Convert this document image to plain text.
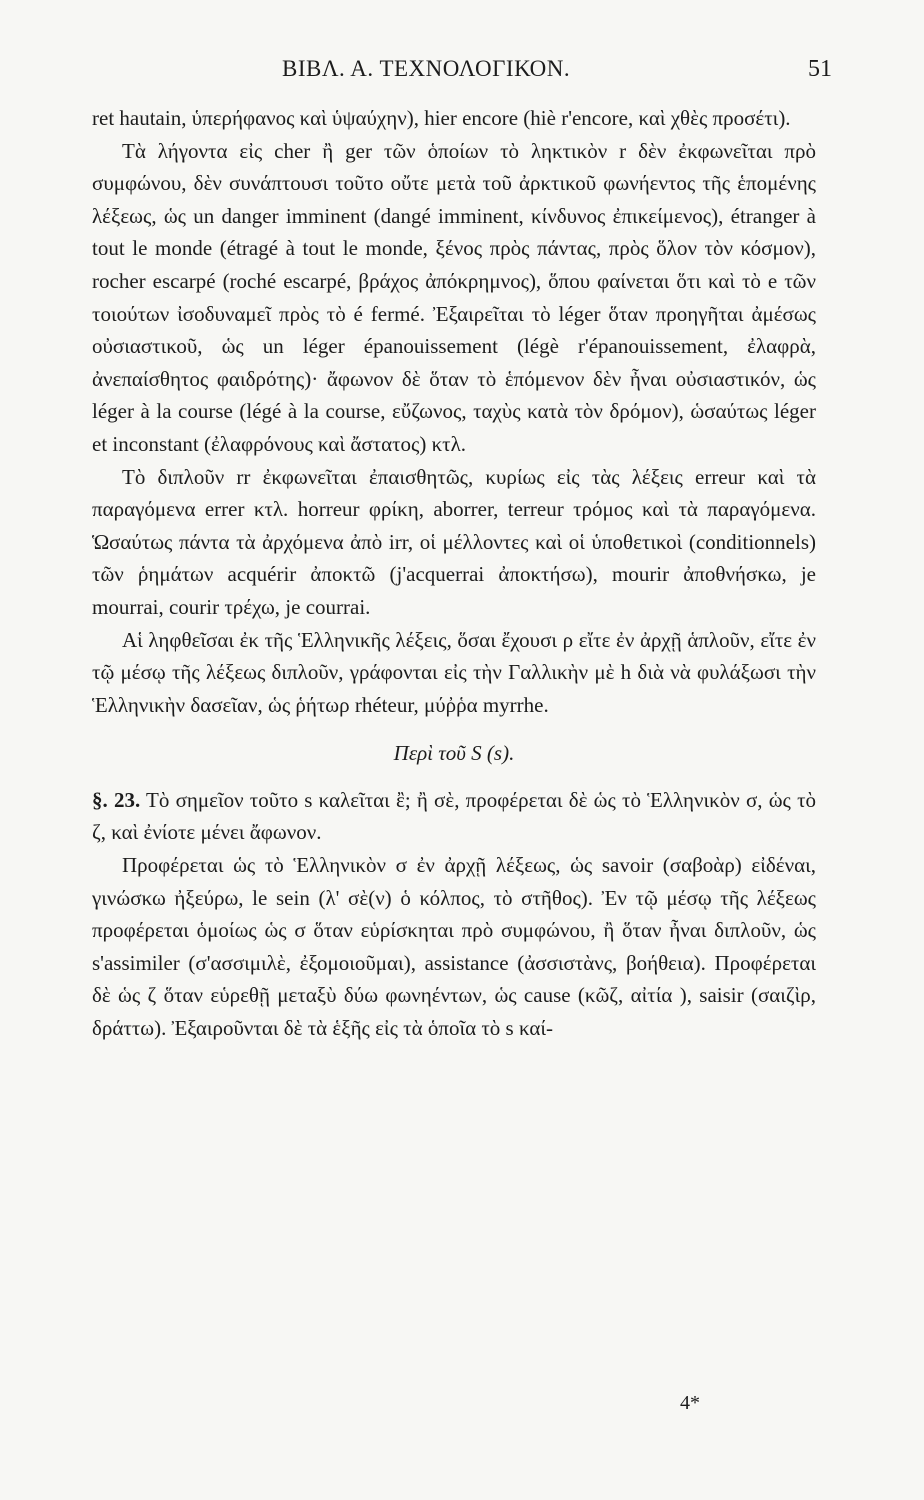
ΒΙΒΛ. Α. ΤΕΧΝΟΛΟΓΙΚΟΝ.	51

ret hautain, ὑπερήφανος καὶ ὑψαύχην), hier encore (hiè r'encore, καὶ χθὲς προσέτι).

Τὰ λήγοντα εἰς cher ἢ ger τῶν ὁποίων τὸ ληκτικὸν r δὲν ἐκφωνεῖται πρὸ συμφώνου, δὲν συνάπτουσι τοῦτο οὔτε μετὰ τοῦ ἀρκτικοῦ φωνήεντος τῆς ἑπομένης λέξεως, ὡς un danger imminent (dangé imminent, κίνδυνος ἐπικείμενος), étranger à tout le monde (étragé à tout le monde, ξένος πρὸς πάντας, πρὸς ὅλον τὸν κόσμον), rocher escarpé (roché escarpé, βράχος ἀπόκρημνος), ὅπου φαίνεται ὅτι καὶ τὸ e τῶν τοιούτων ἰσοδυναμεῖ πρὸς τὸ é fermé. Ἐξαιρεῖται τὸ léger ὅταν προηγῆται ἀμέσως οὐσιαστικοῦ, ὡς un léger épanouissement (légè r'épanouissement, ἐλαφρὰ, ἀνεπαίσθητος φαιδρότης)· ἄφωνον δὲ ὅταν τὸ ἑπόμενον δὲν ἦναι οὐσιαστικόν, ὡς léger à la course (légé à la course, εὔζωνος, ταχὺς κατὰ τὸν δρόμον), ὡσαύτως léger et inconstant (ἐλαφρόνους καὶ ἄστατος) κτλ.

Τὸ διπλοῦν rr ἐκφωνεῖται ἐπαισθητῶς, κυρίως εἰς τὰς λέξεις erreur καὶ τὰ παραγόμενα errer κτλ. horreur φρίκη, aborrer, terreur τρόμος καὶ τὰ παραγόμενα. Ὡσαύτως πάντα τὰ ἀρχόμενα ἀπὸ irr, οἱ μέλλοντες καὶ οἱ ὑποθετικοὶ (conditionnels) τῶν ῥημάτων acquérir ἀποκτῶ (j'acquerrai ἀποκτήσω), mourir ἀποθνήσκω, je mourrai, courir τρέχω, je courrai.

Αἱ ληφθεῖσαι ἐκ τῆς Ἑλληνικῆς λέξεις, ὅσαι ἔχουσι ρ εἴτε ἐν ἀρχῇ ἁπλοῦν, εἴτε ἐν τῷ μέσῳ τῆς λέξεως διπλοῦν, γράφονται εἰς τὴν Γαλλικὴν μὲ h διὰ νὰ φυλάξωσι τὴν Ἑλληνικὴν δασεῖαν, ὡς ῥήτωρ rhéteur, μύῤῥα myrrhe.

Περὶ τοῦ S (s).

§. 23. Τὸ σημεῖον τοῦτο s καλεῖται ἒ; ἢ σὲ, προφέρεται δὲ ὡς τὸ Ἑλληνικὸν σ, ὡς τὸ ζ, καὶ ἐνίοτε μένει ἄφωνον.

Προφέρεται ὡς τὸ Ἑλληνικὸν σ ἐν ἀρχῇ λέξεως, ὡς savoir (σαβοὰρ) εἰδέναι, γινώσκω ἠξεύρω, le sein (λ' σὲ(ν) ὁ κόλπος, τὸ στῆθος). Ἐν τῷ μέσῳ τῆς λέξεως προφέρεται ὁμοίως ὡς σ ὅταν εὑρίσκηται πρὸ συμφώνου, ἢ ὅταν ἦναι διπλοῦν, ὡς s'assimiler (σ'ασσιμιλὲ, ἐξομοιοῦμαι), assistance (ἀσσιστὰνς, βοήθεια). Προφέρεται δὲ ὡς ζ ὅταν εὑρεθῇ μεταξὺ δύω φωνηέντων, ὡς cause (κῶζ, αἰτία ), saisir (σαιζὶρ, δράττω). Ἐξαιροῦνται δὲ τὰ ἑξῆς εἰς τὰ ὁποῖα τὸ s καί-

4*
